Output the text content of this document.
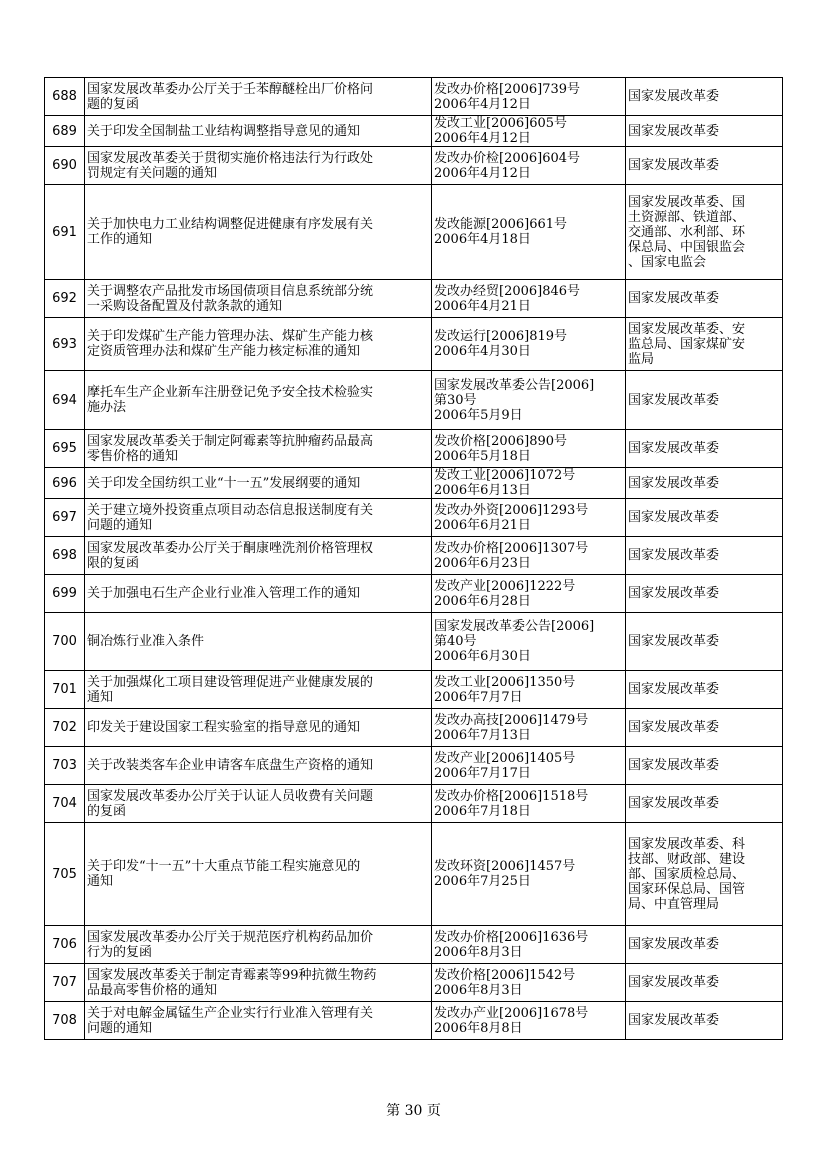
688	国家发展改革委办公厅关于壬苯醇醚栓出厂价格问
题的复函	发改办价格[2006]739号
2006年4月12日	国家发展改革委

689	关于印发全国制盐工业结构调整指导意见的通知	发改工业[2006]605号
2006年4月12日	国家发展改革委

690	国家发展改革委关于贯彻实施价格违法行为行政处
罚规定有关问题的通知	发改办价检[2006]604号
2006年4月12日	国家发展改革委

691	关于加快电力工业结构调整促进健康有序发展有关
工作的通知	发改能源[2006]661号
2006年4月18日	国家发展改革委、国
土资源部、铁道部、
交通部、水利部、环
保总局、中国银监会
、国家电监会

692	关于调整农产品批发市场国债项目信息系统部分统
一采购设备配置及付款条款的通知	发改办经贸[2006]846号
2006年4月21日	国家发展改革委

693	关于印发煤矿生产能力管理办法、煤矿生产能力核
定资质管理办法和煤矿生产能力核定标准的通知	发改运行[2006]819号
2006年4月30日	国家发展改革委、安
监总局、国家煤矿安
监局

694	摩托车生产企业新车注册登记免予安全技术检验实
施办法	国家发展改革委公告[2006]
第30号
2006年5月9日	国家发展改革委

695	国家发展改革委关于制定阿霉素等抗肿瘤药品最高
零售价格的通知	发改价格[2006]890号
2006年5月18日	国家发展改革委

696	关于印发全国纺织工业“十一五”发展纲要的通知	发改工业[2006]1072号
2006年6月13日	国家发展改革委

697	关于建立境外投资重点项目动态信息报送制度有关
问题的通知	发改办外资[2006]1293号
2006年6月21日	国家发展改革委

698	国家发展改革委办公厅关于酮康唑洗剂价格管理权
限的复函	发改办价格[2006]1307号
2006年6月23日	国家发展改革委

699	关于加强电石生产企业行业准入管理工作的通知	发改产业[2006]1222号
2006年6月28日	国家发展改革委

700	铜冶炼行业准入条件	国家发展改革委公告[2006]
第40号
2006年6月30日	国家发展改革委

701	关于加强煤化工项目建设管理促进产业健康发展的
通知	发改工业[2006]1350号
2006年7月7日	国家发展改革委

702	印发关于建设国家工程实验室的指导意见的通知	发改办高技[2006]1479号
2006年7月13日	国家发展改革委

703	关于改装类客车企业申请客车底盘生产资格的通知	发改产业[2006]1405号
2006年7月17日	国家发展改革委

704	国家发展改革委办公厅关于认证人员收费有关问题
的复函	发改办价格[2006]1518号
2006年7月18日	国家发展改革委

705	关于印发“十一五”十大重点节能工程实施意见的
通知	发改环资[2006]1457号
2006年7月25日	国家发展改革委、科
技部、财政部、建设
部、国家质检总局、
国家环保总局、国管
局、中直管理局

706	国家发展改革委办公厅关于规范医疗机构药品加价
行为的复函	发改办价格[2006]1636号
2006年8月3日	国家发展改革委

707	国家发展改革委关于制定青霉素等99种抗微生物药
品最高零售价格的通知	发改价格[2006]1542号
2006年8月3日	国家发展改革委

708	关于对电解金属锰生产企业实行行业准入管理有关
问题的通知	发改办产业[2006]1678号
2006年8月8日	国家发展改革委
第 30 页
